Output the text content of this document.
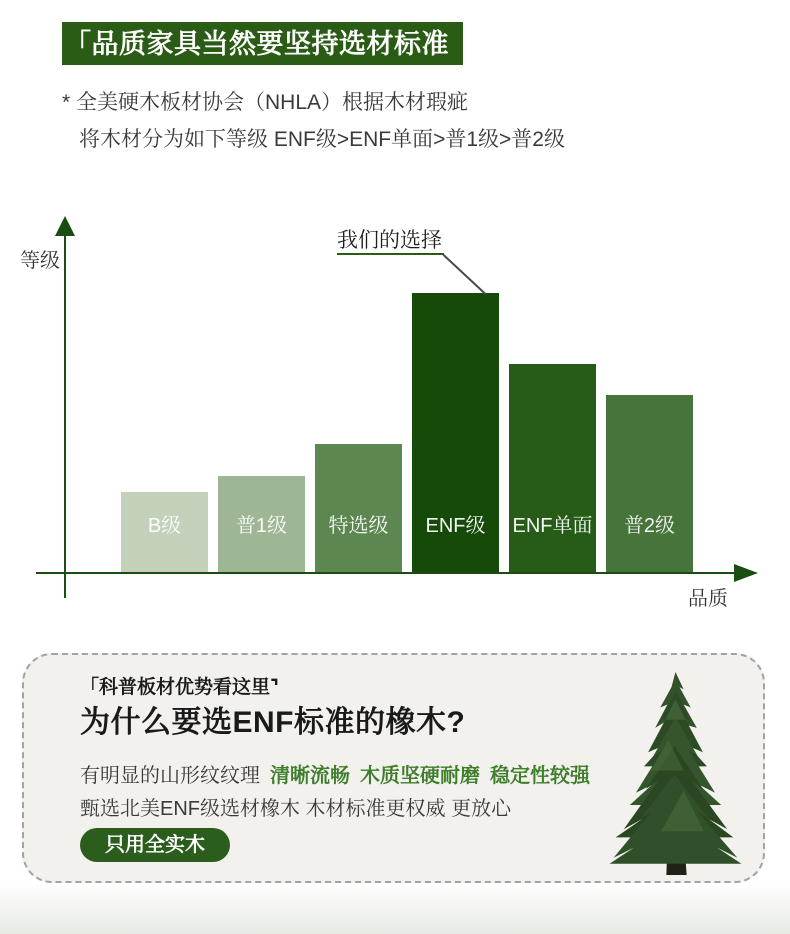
「品质家具当然要坚持选材标准
* 全美硬木板材协会（NHLA）根据木材瑕疵
将木材分为如下等级 ENF级>ENF单面>普1级>普2级
等级
品质
B级	普1级	特选级	ENF级	ENF单面	普2级
我们的选择
「科普板材优势看这里⌝
为什么要选ENF标准的橡木?
有明显的山形纹纹理 清晰流畅 木质坚硬耐磨 稳定性较强
甄选北美ENF级选材橡木 木材标准更权威 更放心
只用全实木
